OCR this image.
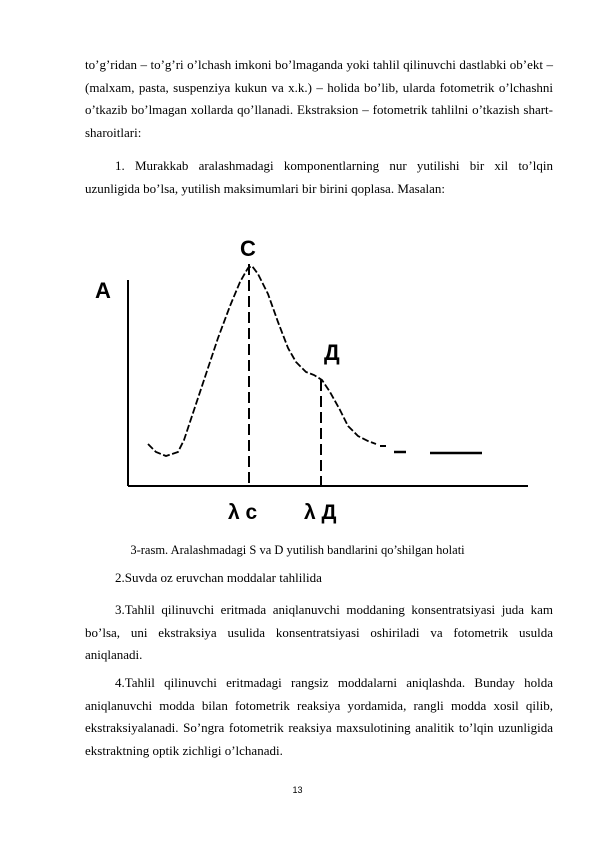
to’g’ridan – to’g’ri o’lchash imkoni bo’lmaganda yoki tahlil qilinuvchi dastlabki ob’ekt – (malxam, pasta, suspenziya kukun va x.k.) – holida bo’lib, ularda fotometrik o’lchashni o’tkazib bo’lmagan xollarda qo’llanadi. Ekstraksion – fotometrik tahlilni o’tkazish shart-sharoitlari:
1. Murakkab aralashmadagi komponentlarning nur yutilishi bir xil to’lqin uzunligida bo’lsa, yutilish maksimumlari bir birini qoplasa. Masalan:
A
C
Д
λ c λ Д
3-rasm. Aralashmadagi S va D yutilish bandlarini qo’shilgan holati
2.Suvda oz eruvchan moddalar tahlilida
3.Tahlil qilinuvchi eritmada aniqlanuvchi moddaning konsentratsiyasi juda kam bo’lsa, uni ekstraksiya usulida konsentratsiyasi oshiriladi va fotometrik usulda aniqlanadi.
4.Tahlil qilinuvchi eritmadagi rangsiz moddalarni aniqlashda. Bunday holda aniqlanuvchi modda bilan fotometrik reaksiya yordamida, rangli modda xosil qilib, ekstraksiyalanadi. So’ngra fotometrik reaksiya maxsulotining analitik to’lqin uzunligida ekstraktning optik zichligi o’lchanadi.
13
